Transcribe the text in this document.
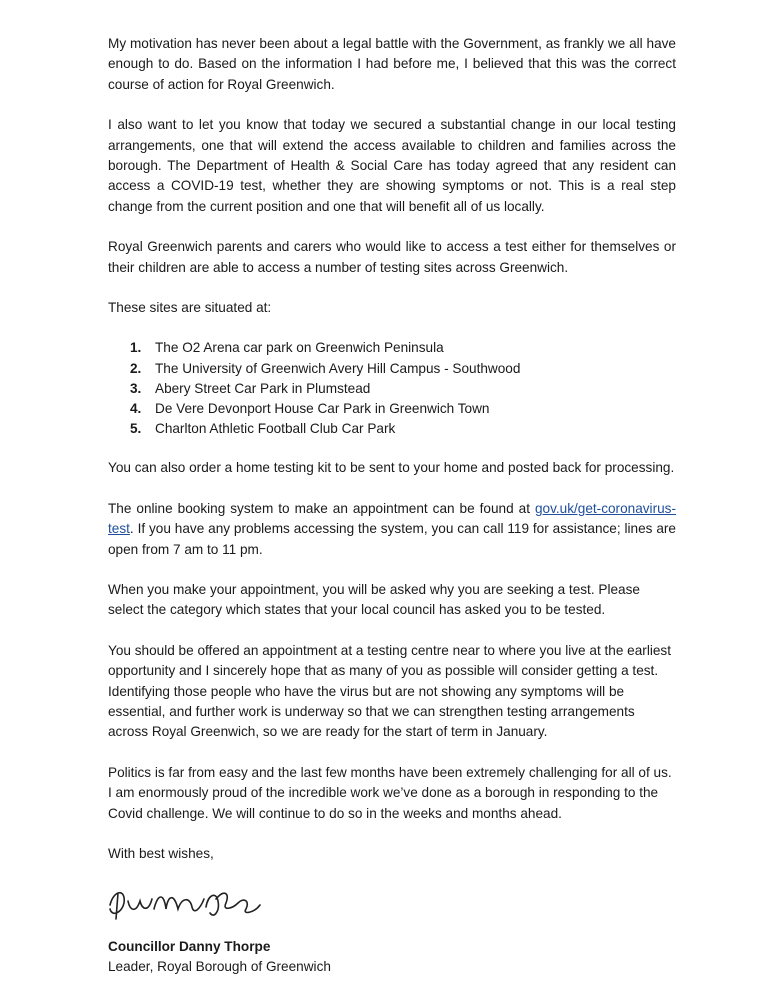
My motivation has never been about a legal battle with the Government, as frankly we all have enough to do. Based on the information I had before me, I believed that this was the correct course of action for Royal Greenwich.

I also want to let you know that today we secured a substantial change in our local testing arrangements, one that will extend the access available to children and families across the borough. The Department of Health & Social Care has today agreed that any resident can access a COVID-19 test, whether they are showing symptoms or not. This is a real step change from the current position and one that will benefit all of us locally.

Royal Greenwich parents and carers who would like to access a test either for themselves or their children are able to access a number of testing sites across Greenwich.

These sites are situated at:

1.	The O2 Arena car park on Greenwich Peninsula
2.	The University of Greenwich Avery Hill Campus - Southwood
3.	Abery Street Car Park in Plumstead
4.	De Vere Devonport House Car Park in Greenwich Town
5.	Charlton Athletic Football Club Car Park

You can also order a home testing kit to be sent to your home and posted back for processing.

The online booking system to make an appointment can be found at gov.uk/get-coronavirus-test. If you have any problems accessing the system, you can call 119 for assistance; lines are open from 7 am to 11 pm.

When you make your appointment, you will be asked why you are seeking a test. Please select the category which states that your local council has asked you to be tested.

You should be offered an appointment at a testing centre near to where you live at the earliest opportunity and I sincerely hope that as many of you as possible will consider getting a test. Identifying those people who have the virus but are not showing any symptoms will be essential, and further work is underway so that we can strengthen testing arrangements across Royal Greenwich, so we are ready for the start of term in January.

Politics is far from easy and the last few months have been extremely challenging for all of us. I am enormously proud of the incredible work we’ve done as a borough in responding to the Covid challenge. We will continue to do so in the weeks and months ahead.

With best wishes,

Councillor Danny Thorpe

Leader, Royal Borough of Greenwich
